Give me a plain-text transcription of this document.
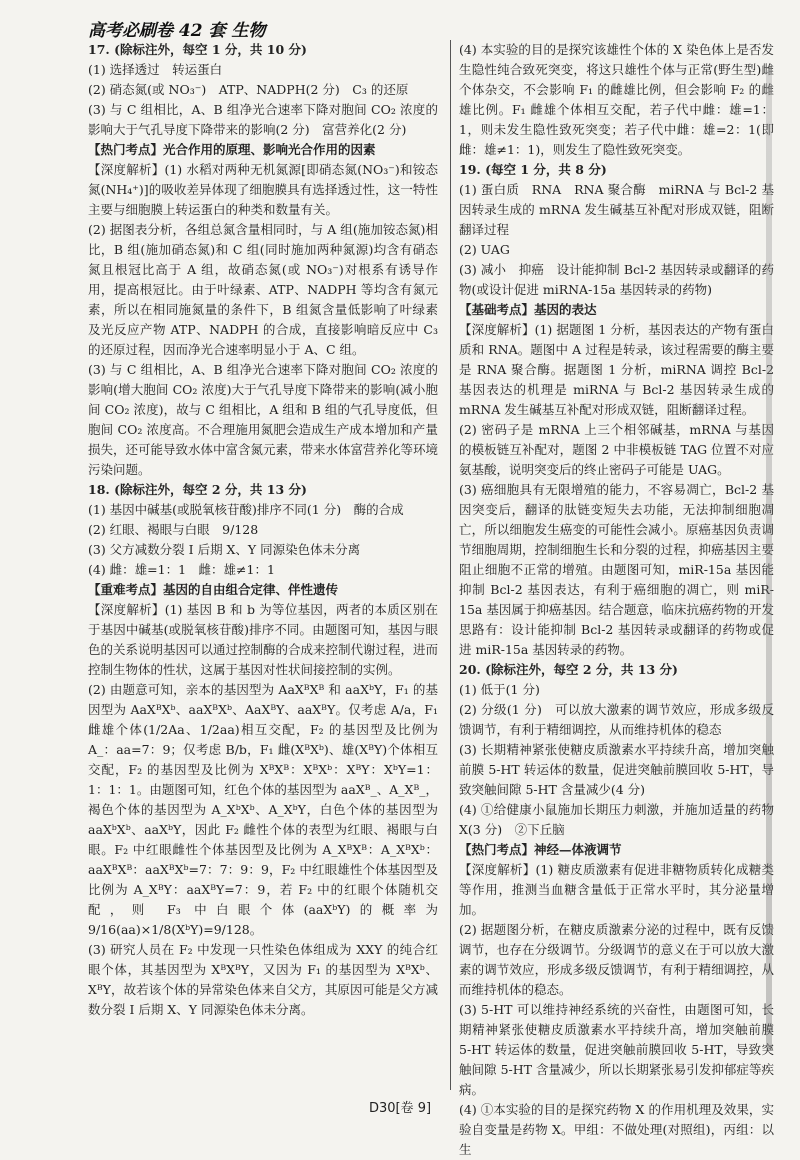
高考必刷卷 42 套 生物

17. (除标注外，每空 1 分，共 10 分)

(1) 选择透过　转运蛋白

(2) 硝态氮(或 NO₃⁻)　ATP、NADPH(2 分)　C₃ 的还原

(3) 与 C 组相比，A、B 组净光合速率下降对胞间 CO₂ 浓度的影响大于气孔导度下降带来的影响(2 分)　富营养化(2 分)

【热门考点】光合作用的原理、影响光合作用的因素

【深度解析】(1) 水稻对两种无机氮源[即硝态氮(NO₃⁻)和铵态氮(NH₄⁺)]的吸收差异体现了细胞膜具有选择透过性，这一特性主要与细胞膜上转运蛋白的种类和数量有关。

(2) 据图表分析，各组总氮含量相同时，与 A 组(施加铵态氮)相比，B 组(施加硝态氮)和 C 组(同时施加两种氮源)均含有硝态氮且根冠比高于 A 组，故硝态氮(或 NO₃⁻)对根系有诱导作用，提高根冠比。由于叶绿素、ATP、NADPH 等均含有氮元素，所以在相同施氮量的条件下，B 组氮含量低影响了叶绿素及光反应产物 ATP、NADPH 的合成，直接影响暗反应中 C₃ 的还原过程，因而净光合速率明显小于 A、C 组。

(3) 与 C 组相比，A、B 组净光合速率下降对胞间 CO₂ 浓度的影响(增大胞间 CO₂ 浓度)大于气孔导度下降带来的影响(减小胞间 CO₂ 浓度)，故与 C 组相比，A 组和 B 组的气孔导度低，但胞间 CO₂ 浓度高。不合理施用氮肥会造成生产成本增加和产量损失，还可能导致水体中富含氮元素，带来水体富营养化等环境污染问题。

18. (除标注外，每空 2 分，共 13 分)

(1) 基因中碱基(或脱氧核苷酸)排序不同(1 分)　酶的合成

(2) 红眼、褐眼与白眼　9/128

(3) 父方减数分裂 I 后期 X、Y 同源染色体未分离

(4) 雌：雄=1：1　雌：雄≠1：1

【重难考点】基因的自由组合定律、伴性遗传

【深度解析】(1) 基因 B 和 b 为等位基因，两者的本质区别在于基因中碱基(或脱氧核苷酸)排序不同。由题图可知，基因与眼色的关系说明基因可以通过控制酶的合成来控制代谢过程，进而控制生物体的性状，这属于基因对性状间接控制的实例。

(2) 由题意可知，亲本的基因型为 AaXᴮXᴮ 和 aaXᵇY，F₁ 的基因型为 AaXᴮXᵇ、aaXᴮXᵇ、AaXᴮY、aaXᴮY。仅考虑 A/a，F₁ 雌雄个体(1/2Aa、1/2aa)相互交配，F₂ 的基因型及比例为 A_：aa=7：9；仅考虑 B/b，F₁ 雌(XᴮXᵇ)、雄(XᴮY)个体相互交配，F₂ 的基因型及比例为 XᴮXᴮ：XᴮXᵇ：XᴮY：XᵇY=1：1：1：1。由题图可知，红色个体的基因型为 aaXᴮ_、A_Xᴮ_，褐色个体的基因型为 A_XᵇXᵇ、A_XᵇY，白色个体的基因型为 aaXᵇXᵇ、aaXᵇY，因此 F₂ 雌性个体的表型为红眼、褐眼与白眼。F₂ 中红眼雌性个体基因型及比例为 A_XᴮXᴮ：A_XᴮXᵇ：aaXᴮXᴮ：aaXᴮXᵇ=7：7：9：9，F₂ 中红眼雄性个体基因型及比例为 A_XᴮY：aaXᴮY=7：9，若 F₂ 中的红眼个体随机交配，则 F₃ 中白眼个体(aaXᵇY)的概率为 9/16(aa)×1/8(XᵇY)=9/128。

(3) 研究人员在 F₂ 中发现一只性染色体组成为 XXY 的纯合红眼个体，其基因型为 XᴮXᴮY，又因为 F₁ 的基因型为 XᴮXᵇ、XᴮY，故若该个体的异常染色体来自父方，其原因可能是父方减数分裂 I 后期 X、Y 同源染色体未分离。

(4) 本实验的目的是探究该雄性个体的 X 染色体上是否发生隐性纯合致死突变，将这只雄性个体与正常(野生型)雌个体杂交，不会影响 F₁ 的雌雄比例，但会影响 F₂ 的雌雄比例。F₁ 雌雄个体相互交配，若子代中雌：雄=1：1，则未发生隐性致死突变；若子代中雌：雄=2：1(即雌：雄≠1：1)，则发生了隐性致死突变。

19. (每空 1 分，共 8 分)

(1) 蛋白质　RNA　RNA 聚合酶　miRNA 与 Bcl-2 基因转录生成的 mRNA 发生碱基互补配对形成双链，阻断翻译过程

(2) UAG

(3) 减小　抑癌　设计能抑制 Bcl-2 基因转录或翻译的药物(或设计促进 miRNA-15a 基因转录的药物)

【基础考点】基因的表达

【深度解析】(1) 据题图 1 分析，基因表达的产物有蛋白质和 RNA。题图中 A 过程是转录，该过程需要的酶主要是 RNA 聚合酶。据题图 1 分析，miRNA 调控 Bcl-2 基因表达的机理是 miRNA 与 Bcl-2 基因转录生成的 mRNA 发生碱基互补配对形成双链，阻断翻译过程。

(2) 密码子是 mRNA 上三个相邻碱基，mRNA 与基因的模板链互补配对，题图 2 中非模板链 TAG 位置不对应氨基酸，说明突变后的终止密码子可能是 UAG。

(3) 癌细胞具有无限增殖的能力，不容易凋亡，Bcl-2 基因突变后，翻译的肽链变短失去功能，无法抑制细胞凋亡，所以细胞发生癌变的可能性会减小。原癌基因负责调节细胞周期，控制细胞生长和分裂的过程，抑癌基因主要阻止细胞不正常的增殖。由题图可知，miR-15a 基因能抑制 Bcl-2 基因表达，有利于癌细胞的凋亡，则 miR-15a 基因属于抑癌基因。结合题意，临床抗癌药物的开发思路有：设计能抑制 Bcl-2 基因转录或翻译的药物或促进 miR-15a 基因转录的药物。

20. (除标注外，每空 2 分，共 13 分)

(1) 低于(1 分)

(2) 分级(1 分)　可以放大激素的调节效应，形成多级反馈调节，有利于精细调控，从而维持机体的稳态

(3) 长期精神紧张使糖皮质激素水平持续升高，增加突触前膜 5-HT 转运体的数量，促进突触前膜回收 5-HT，导致突触间隙 5-HT 含量减少(4 分)

(4) ①给健康小鼠施加长期压力刺激，并施加适量的药物 X(3 分)　②下丘脑

【热门考点】神经—体液调节

【深度解析】(1) 糖皮质激素有促进非糖物质转化成糖类等作用，推测当血糖含量低于正常水平时，其分泌量增加。

(2) 据题图分析，在糖皮质激素分泌的过程中，既有反馈调节，也存在分级调节。分级调节的意义在于可以放大激素的调节效应，形成多级反馈调节，有利于精细调控，从而维持机体的稳态。

(3) 5-HT 可以维持神经系统的兴奋性，由题图可知，长期精神紧张使糖皮质激素水平持续升高，增加突触前膜 5-HT 转运体的数量，促进突触前膜回收 5-HT，导致突触间隙 5-HT 含量减少，所以长期紧张易引发抑郁症等疾病。

(4) ①本实验的目的是探究药物 X 的作用机理及效果，实验自变量是药物 X。甲组：不做处理(对照组)，丙组：以生

D30[卷 9]
